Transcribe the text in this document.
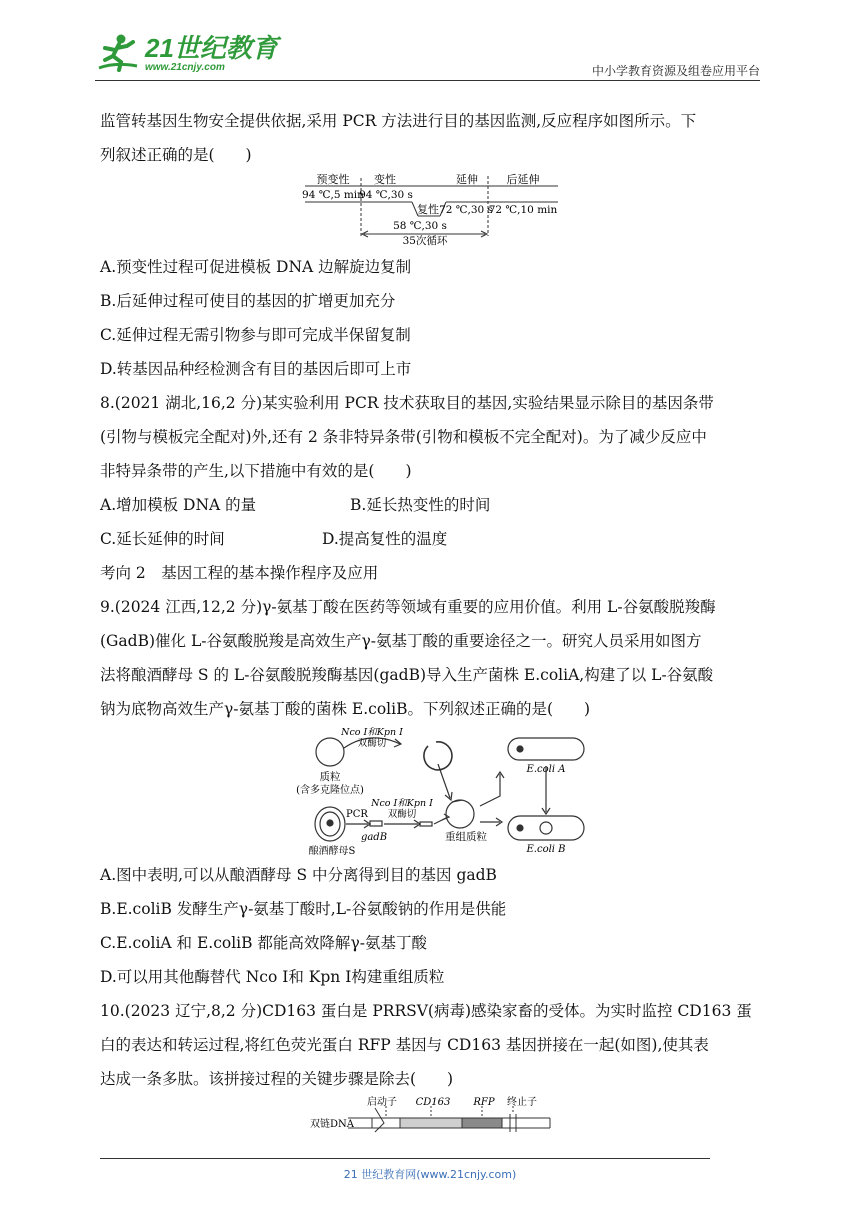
21世纪教育
www.21cnjy.com	中小学教育资源及组卷应用平台

监管转基因生物安全提供依据,采用 PCR 方法进行目的基因监测,反应程序如图所示。下

列叙述正确的是(　　)

预变性 变性	延伸	后延伸
94 ℃,5 min
94 ℃,30 s
复性 72 ℃,30 s
72 ℃,10 min
58 ℃,30 s
35次循环

A.预变性过程可促进模板 DNA 边解旋边复制

B.后延伸过程可使目的基因的扩增更加充分

C.延伸过程无需引物参与即可完成半保留复制

D.转基因品种经检测含有目的基因后即可上市

8.(2021 湖北,16,2 分)某实验利用 PCR 技术获取目的基因,实验结果显示除目的基因条带

(引物与模板完全配对)外,还有 2 条非特异条带(引物和模板不完全配对)。为了减少反应中

非特异条带的产生,以下措施中有效的是(　　)

A.增加模板 DNA 的量	B.延长热变性的时间

C.延长延伸的时间	D.提高复性的温度

考向 2　基因工程的基本操作程序及应用

9.(2024 江西,12,2 分)γ-氨基丁酸在医药等领域有重要的应用价值。利用 L-谷氨酸脱羧酶

(GadB)催化 L-谷氨酸脱羧是高效生产γ-氨基丁酸的重要途径之一。研究人员采用如图方

法将酿酒酵母 S 的 L-谷氨酸脱羧酶基因(gadB)导入生产菌株 E.coliA,构建了以 L-谷氨酸

钠为底物高效生产γ-氨基丁酸的菌株 E.coliB。下列叙述正确的是(　　)

Nco Ⅰ和Kpn Ⅰ
双酶切
质粒
(含多克隆位点)
重组质粒
E.coli A
E.coli B
PCR
gadB
Nco Ⅰ和Kpn Ⅰ
双酶切
酿酒酵母S

A.图中表明,可以从酿酒酵母 S 中分离得到目的基因 gadB

B.E.coliB 发酵生产γ-氨基丁酸时,L-谷氨酸钠的作用是供能

C.E.coliA 和 E.coliB 都能高效降解γ-氨基丁酸

D.可以用其他酶替代 Nco Ⅰ和 Kpn Ⅰ构建重组质粒

10.(2023 辽宁,8,2 分)CD163 蛋白是 PRRSV(病毒)感染家畜的受体。为实时监控 CD163 蛋

白的表达和转运过程,将红色荧光蛋白 RFP 基因与 CD163 基因拼接在一起(如图),使其表

达成一条多肽。该拼接过程的关键步骤是除去(　　)

启动子 CD163 RFP 终止子
双链DNA
21 世纪教育网(www.21cnjy.com)
